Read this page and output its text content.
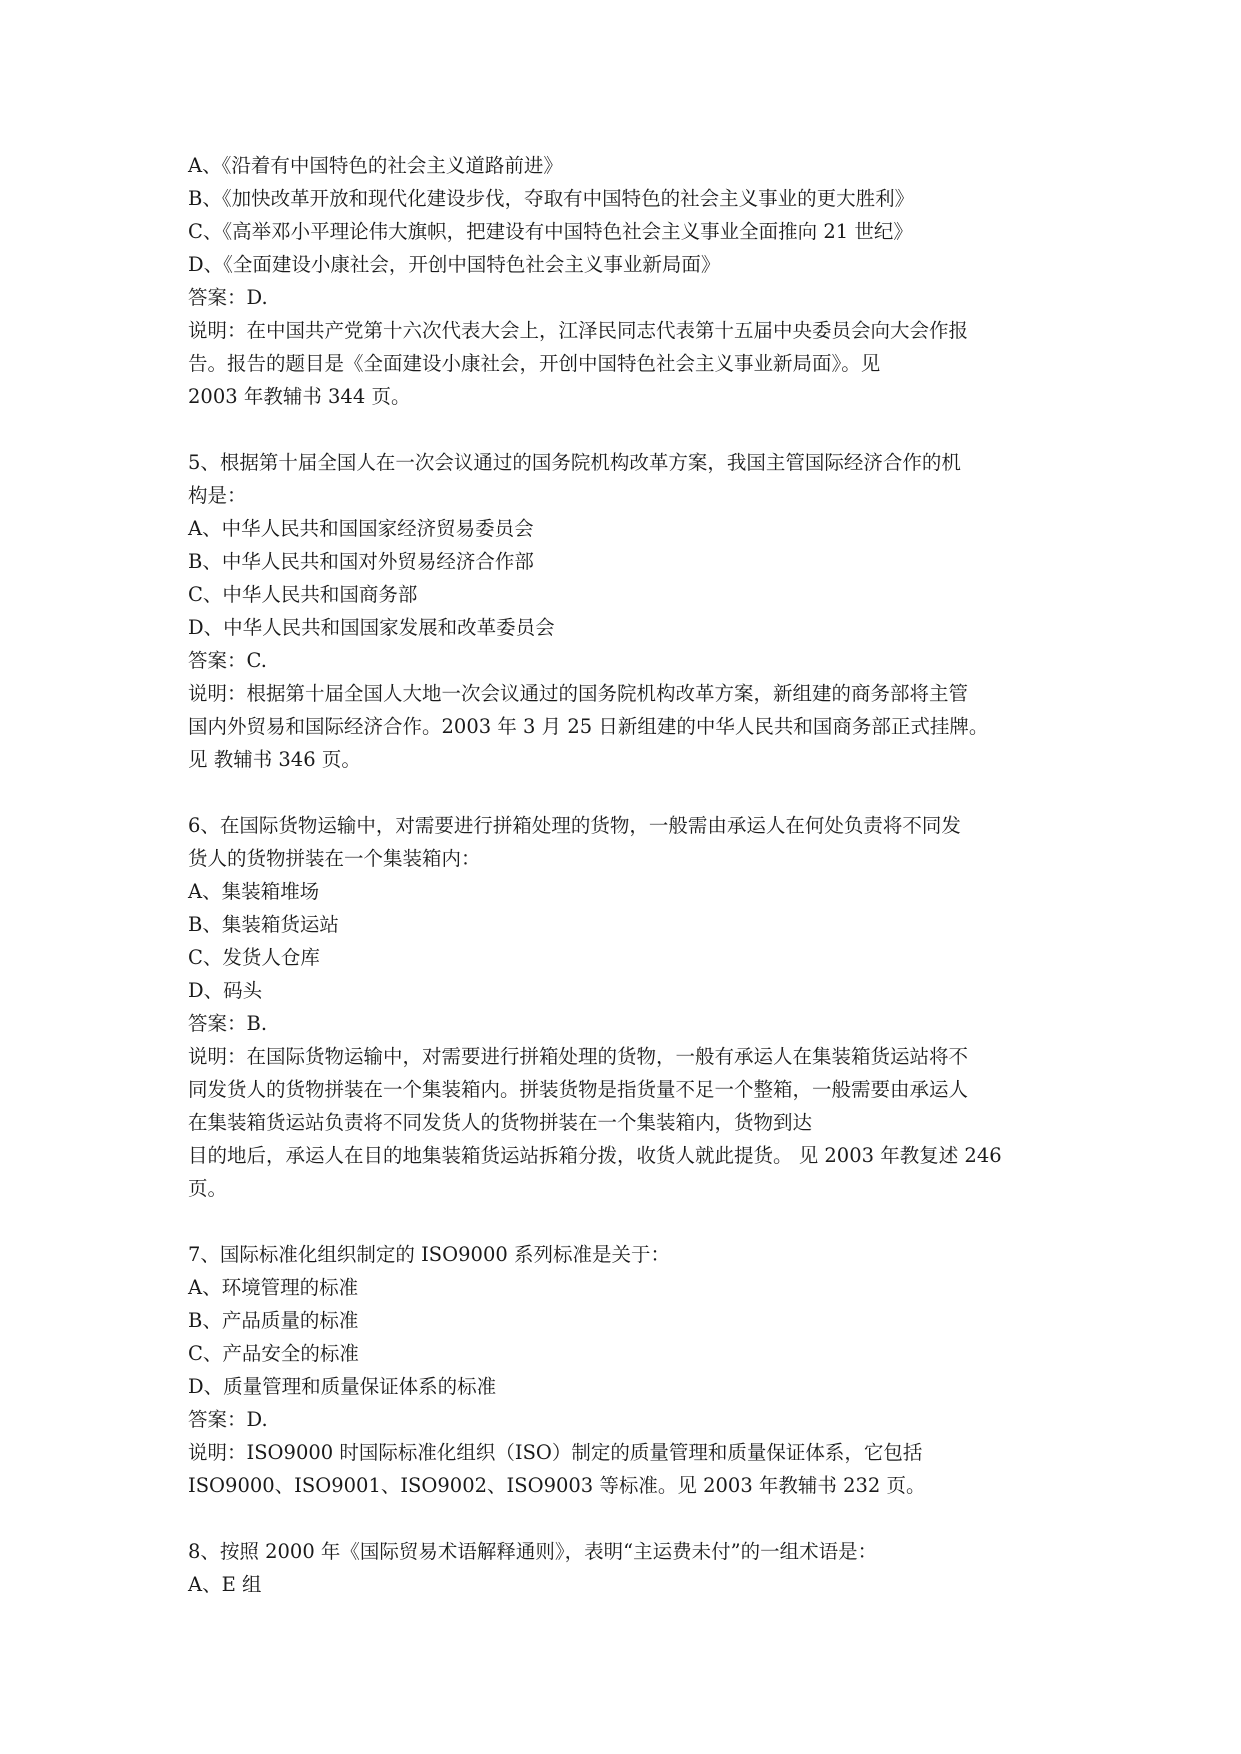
A、《沿着有中国特色的社会主义道路前进》
B、《加快改革开放和现代化建设步伐，夺取有中国特色的社会主义事业的更大胜利》
C、《高举邓小平理论伟大旗帜，把建设有中国特色社会主义事业全面推向 21 世纪》
D、《全面建设小康社会，开创中国特色社会主义事业新局面》
答案：D.
说明：在中国共产党第十六次代表大会上，江泽民同志代表第十五届中央委员会向大会作报
告。报告的题目是《全面建设小康社会，开创中国特色社会主义事业新局面》。见
2003 年教辅书 344 页。
5、根据第十届全国人在一次会议通过的国务院机构改革方案，我国主管国际经济合作的机
构是：
A、中华人民共和国国家经济贸易委员会
B、中华人民共和国对外贸易经济合作部
C、中华人民共和国商务部
D、中华人民共和国国家发展和改革委员会
答案：C.
说明：根据第十届全国人大地一次会议通过的国务院机构改革方案，新组建的商务部将主管
国内外贸易和国际经济合作。2003 年 3 月 25 日新组建的中华人民共和国商务部正式挂牌。
见 教辅书 346 页。
6、在国际货物运输中，对需要进行拼箱处理的货物，一般需由承运人在何处负责将不同发
货人的货物拼装在一个集装箱内：
A、集装箱堆场
B、集装箱货运站
C、发货人仓库
D、码头
答案：B.
说明：在国际货物运输中，对需要进行拼箱处理的货物，一般有承运人在集装箱货运站将不
同发货人的货物拼装在一个集装箱内。拼装货物是指货量不足一个整箱，一般需要由承运人
在集装箱货运站负责将不同发货人的货物拼装在一个集装箱内，货物到达
目的地后，承运人在目的地集装箱货运站拆箱分拨，收货人就此提货。 见 2003 年教复述 246
页。
7、国际标准化组织制定的 ISO9000 系列标准是关于：
A、环境管理的标准
B、产品质量的标准
C、产品安全的标准
D、质量管理和质量保证体系的标准
答案：D.
说明：ISO9000 时国际标准化组织（ISO）制定的质量管理和质量保证体系，它包括
ISO9000、ISO9001、ISO9002、ISO9003 等标准。见 2003 年教辅书 232 页。
8、按照 2000 年《国际贸易术语解释通则》，表明“主运费未付”的一组术语是：
A、E 组
